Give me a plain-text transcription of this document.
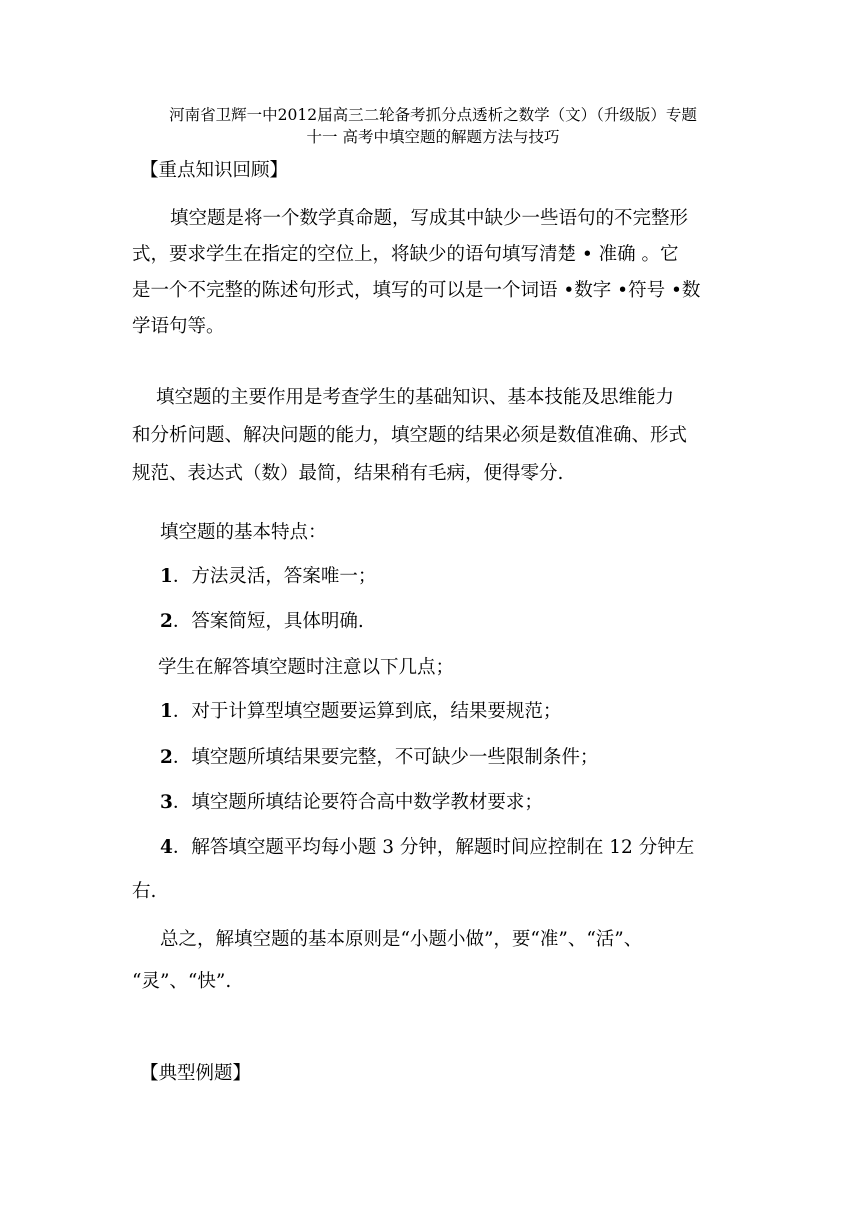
河南省卫辉一中2012届高三二轮备考抓分点透析之数学（文）（升级版）专题
十一 高考中填空题的解题方法与技巧
【重点知识回顾】
填空题是将一个数学真命题，写成其中缺少一些语句的不完整形
式，要求学生在指定的空位上，将缺少的语句填写清楚 • 准确 。它
是一个不完整的陈述句形式，填写的可以是一个词语 •数字 •符号 •数
学语句等。
填空题的主要作用是考查学生的基础知识、基本技能及思维能力
和分析问题、解决问题的能力，填空题的结果必须是数值准确、形式
规范、表达式（数）最简，结果稍有毛病，便得零分.
填空题的基本特点：
1．方法灵活，答案唯一；
2．答案简短，具体明确.
学生在解答填空题时注意以下几点；
1．对于计算型填空题要运算到底，结果要规范；
2．填空题所填结果要完整，不可缺少一些限制条件；
3．填空题所填结论要符合高中数学教材要求；
4．解答填空题平均每小题 3 分钟，解题时间应控制在 12 分钟左
右.
总之，解填空题的基本原则是“小题小做”，要“准”、“活”、
“灵”、“快”.
【典型例题】
